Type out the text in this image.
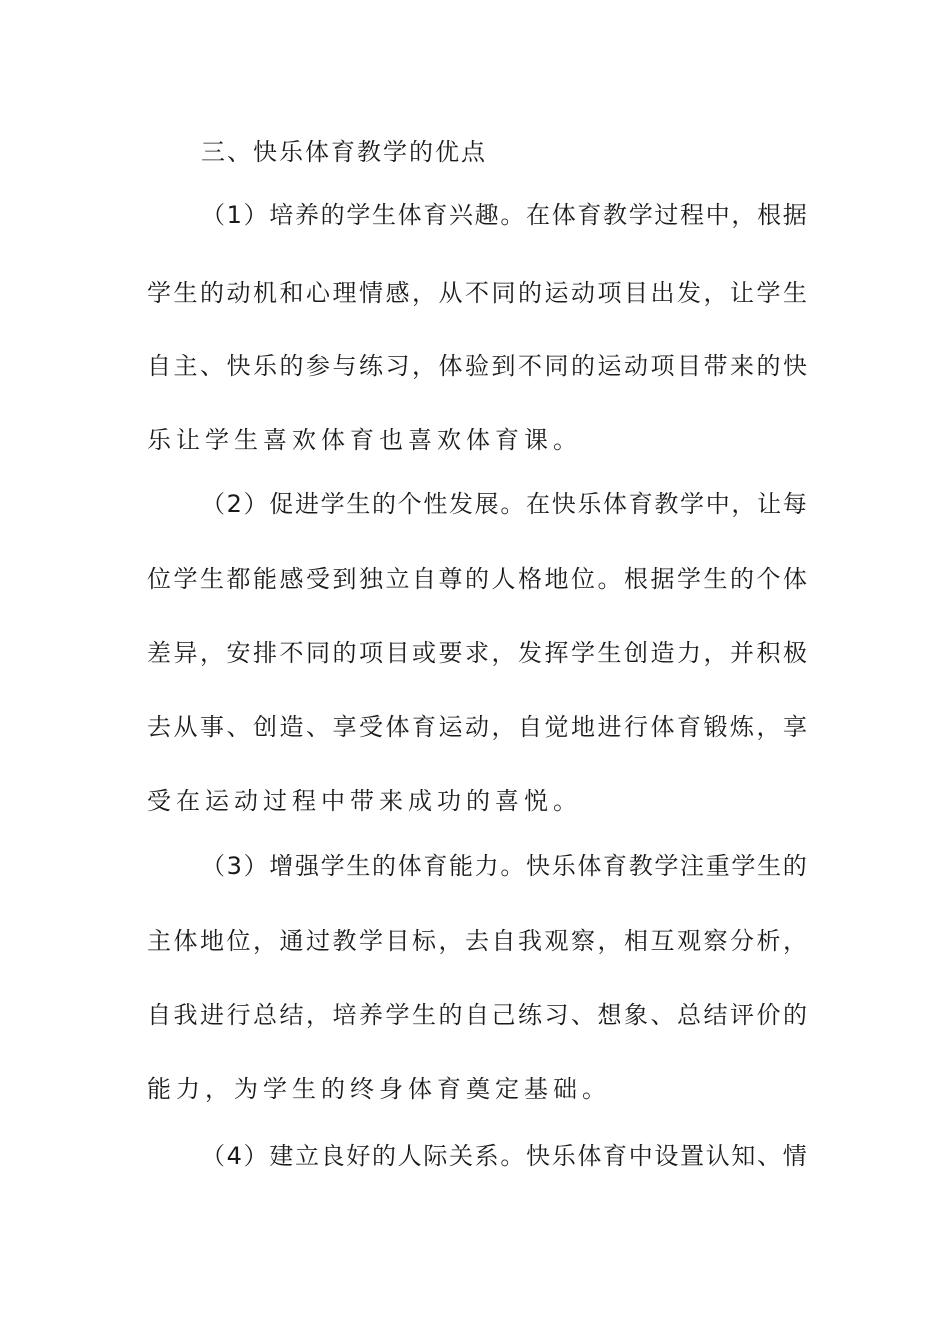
三、快乐体育教学的优点
（ 1 ） 培 养 的 学 生 体 育 兴 趣 。 在 体 育 教 学 过 程 中 ， 根 据
学 生 的 动 机 和 心 理 情 感 ， 从 不 同 的 运 动 项 目 出 发 ， 让 学 生
自 主 、 快 乐 的 参 与 练 习 ， 体 验 到 不 同 的 运 动 项 目 带 来 的 快
乐 让 学 生 喜 欢 体 育 也 喜 欢 体 育 课 。
（ 2 ） 促 进 学 生 的 个 性 发 展 。 在 快 乐 体 育 教 学 中 ， 让 每
位 学 生 都 能 感 受 到 独 立 自 尊 的 人 格 地 位 。 根 据 学 生 的 个 体
差 异 ， 安 排 不 同 的 项 目 或 要 求 ， 发 挥 学 生 创 造 力 ， 并 积 极
去 从 事 、 创 造 、 享 受 体 育 运 动 ， 自 觉 地 进 行 体 育 锻 炼 ， 享
受 在 运 动 过 程 中 带 来 成 功 的 喜 悦 。
（ 3 ） 增 强 学 生 的 体 育 能 力 。 快 乐 体 育 教 学 注 重 学 生 的
主 体 地 位 ， 通 过 教 学 目 标 ， 去 自 我 观 察 ， 相 互 观 察 分 析 ，
自 我 进 行 总 结 ， 培 养 学 生 的 自 己 练 习 、 想 象 、 总 结 评 价 的
能 力 ， 为 学 生 的 终 身 体 育 奠 定 基 础 。
（ 4 ） 建 立 良 好 的 人 际 关 系 。 快 乐 体 育 中 设 置 认 知 、 情
